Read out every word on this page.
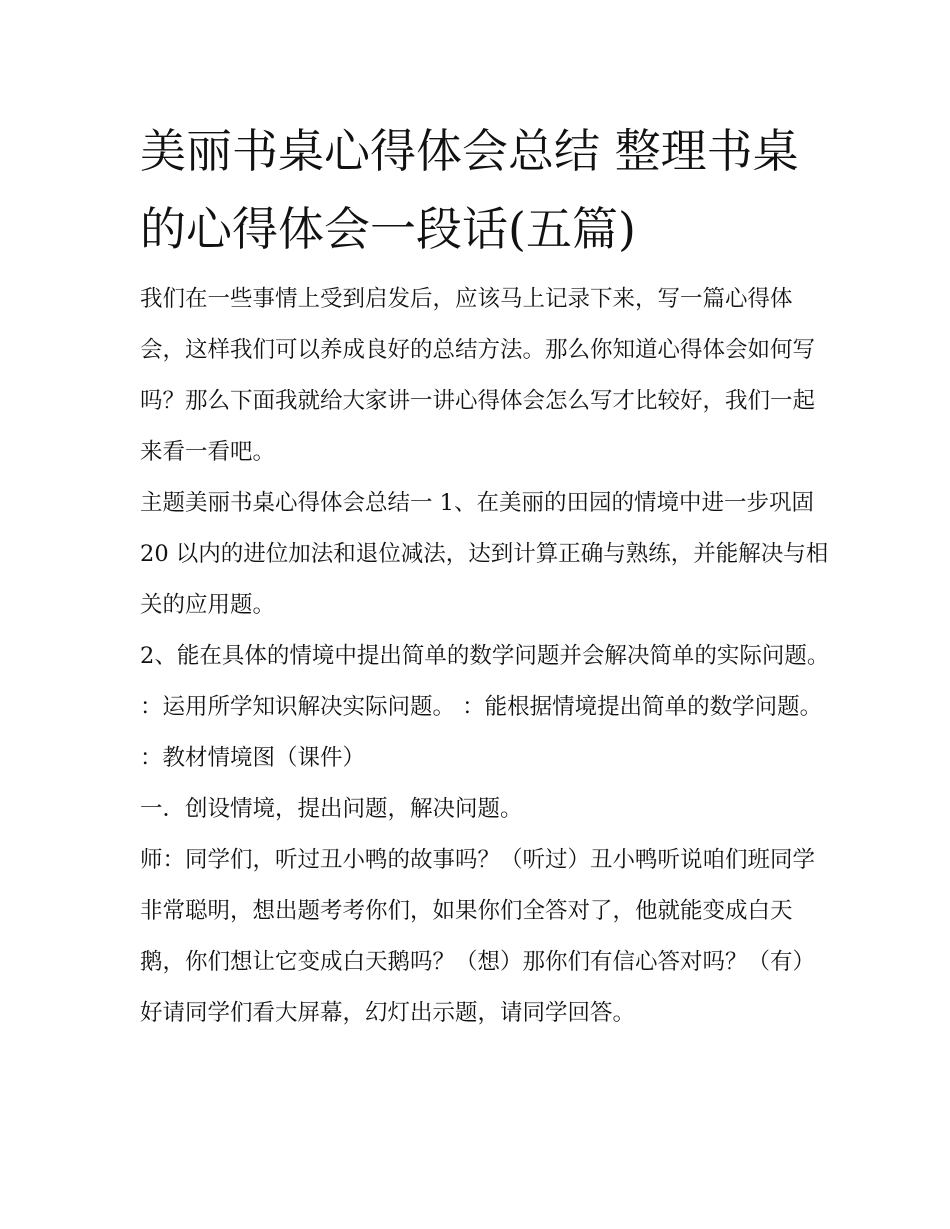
美丽书桌心得体会总结 整理书桌的心得体会一段话(五篇)

我们在一些事情上受到启发后，应该马上记录下来，写一篇心得体会，这样我们可以养成良好的总结方法。那么你知道心得体会如何写吗？那么下面我就给大家讲一讲心得体会怎么写才比较好，我们一起来看一看吧。

主题美丽书桌心得体会总结一 1、在美丽的田园的情境中进一步巩固 20 以内的进位加法和退位减法，达到计算正确与熟练，并能解决与相关的应用题。

2、能在具体的情境中提出简单的数学问题并会解决简单的实际问题。 ：运用所学知识解决实际问题。 ：能根据情境提出简单的数学问题。 ：教材情境图（课件）

一．创设情境，提出问题，解决问题。

师：同学们，听过丑小鸭的故事吗？（听过）丑小鸭听说咱们班同学非常聪明，想出题考考你们，如果你们全答对了，他就能变成白天鹅，你们想让它变成白天鹅吗？（想）那你们有信心答对吗？（有）好请同学们看大屏幕，幻灯出示题，请同学回答。
